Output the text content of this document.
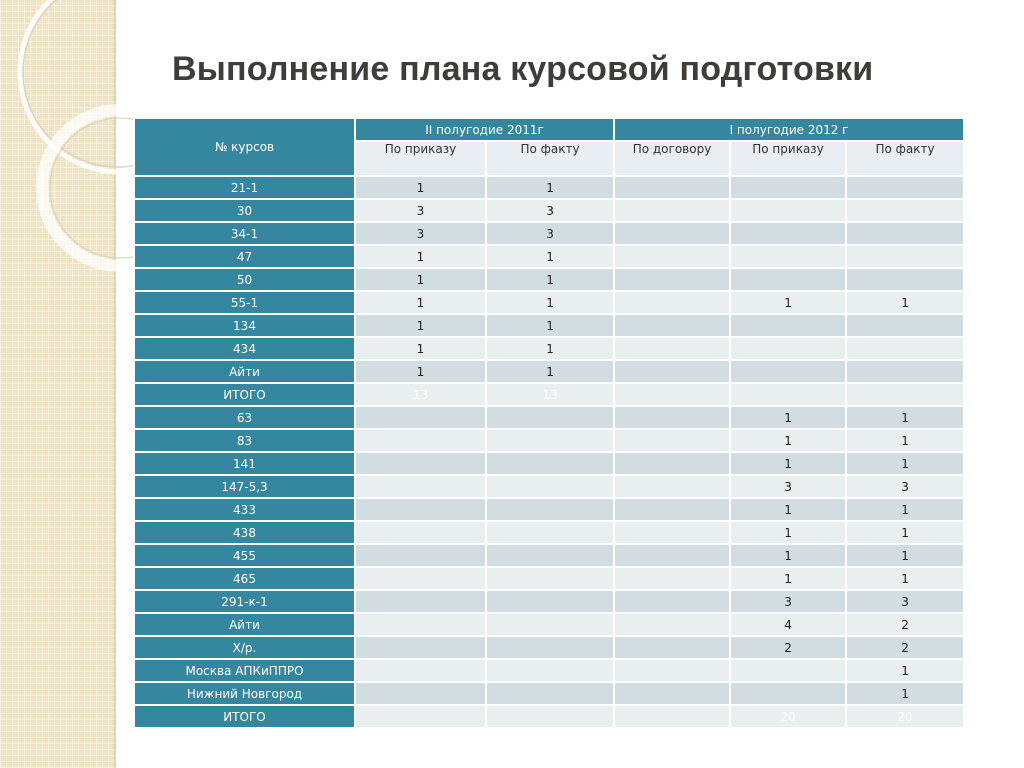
Выполнение плана курсовой подготовки
№ курсов	II полугодие 2011г		I полугодие 2012 г		
	По приказу	По факту	По договору	По приказу	По факту
21-1	1	1			
30	3	3			
34-1	3	3			
47	1	1			
50	1	1			
55-1	1	1		1	1
134	1	1			
434	1	1			
Айти	1	1			
ИТОГО	13	13			
63				1	1
83				1	1
141				1	1
147-5,3				3	3
433				1	1
438				1	1
455				1	1
465				1	1
291-к-1				3	3
Айти				4	2
Х/р.				2	2
Москва АПКиППРО					1
Нижний Новгород					1
ИТОГО				20	20
